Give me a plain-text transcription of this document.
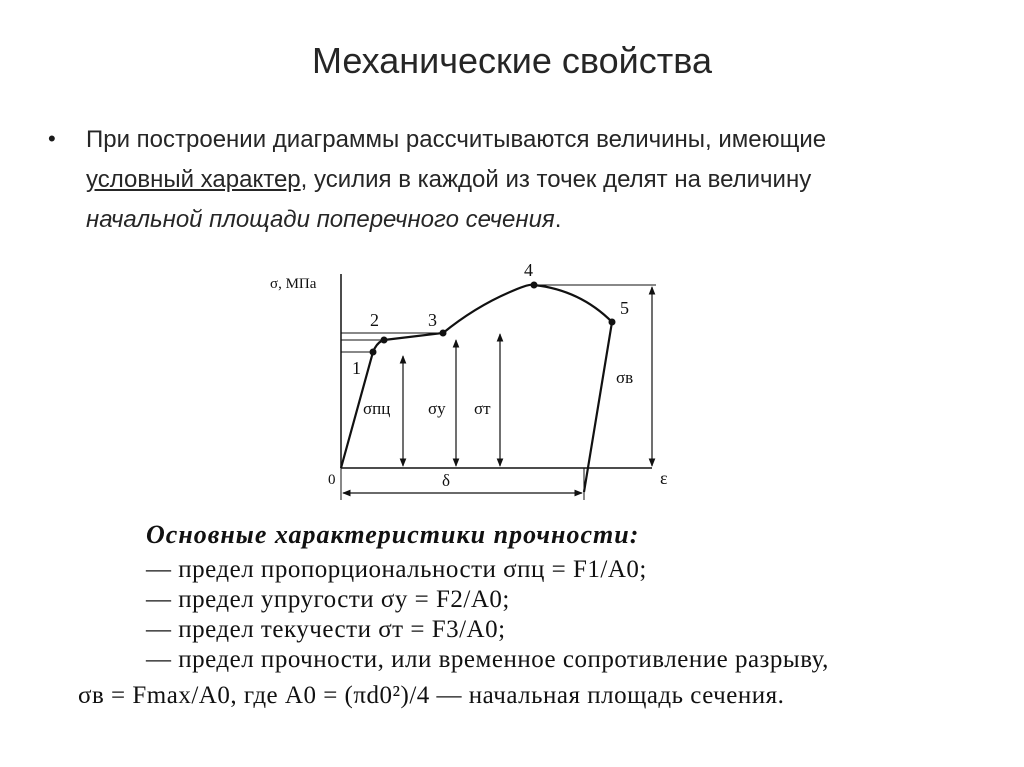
Механические свойства
• При построении диаграммы рассчитываются величины, имеющие условный характер, усилия в каждой из точек делят на величину начальной площади поперечного сечения.
σ, МПа
ε
0
1
2	3
4
5
σпц σу σт
σв
δ
Основные характеристики прочности:
— предел пропорциональности σпц = F1/A0;
— предел упругости σу = F2/A0;
— предел текучести σт = F3/A0;
— предел прочности, или временное сопротивление разрыву,
σв = Fmax/A0, где A0 = (πd0²)/4 — начальная площадь сечения.
